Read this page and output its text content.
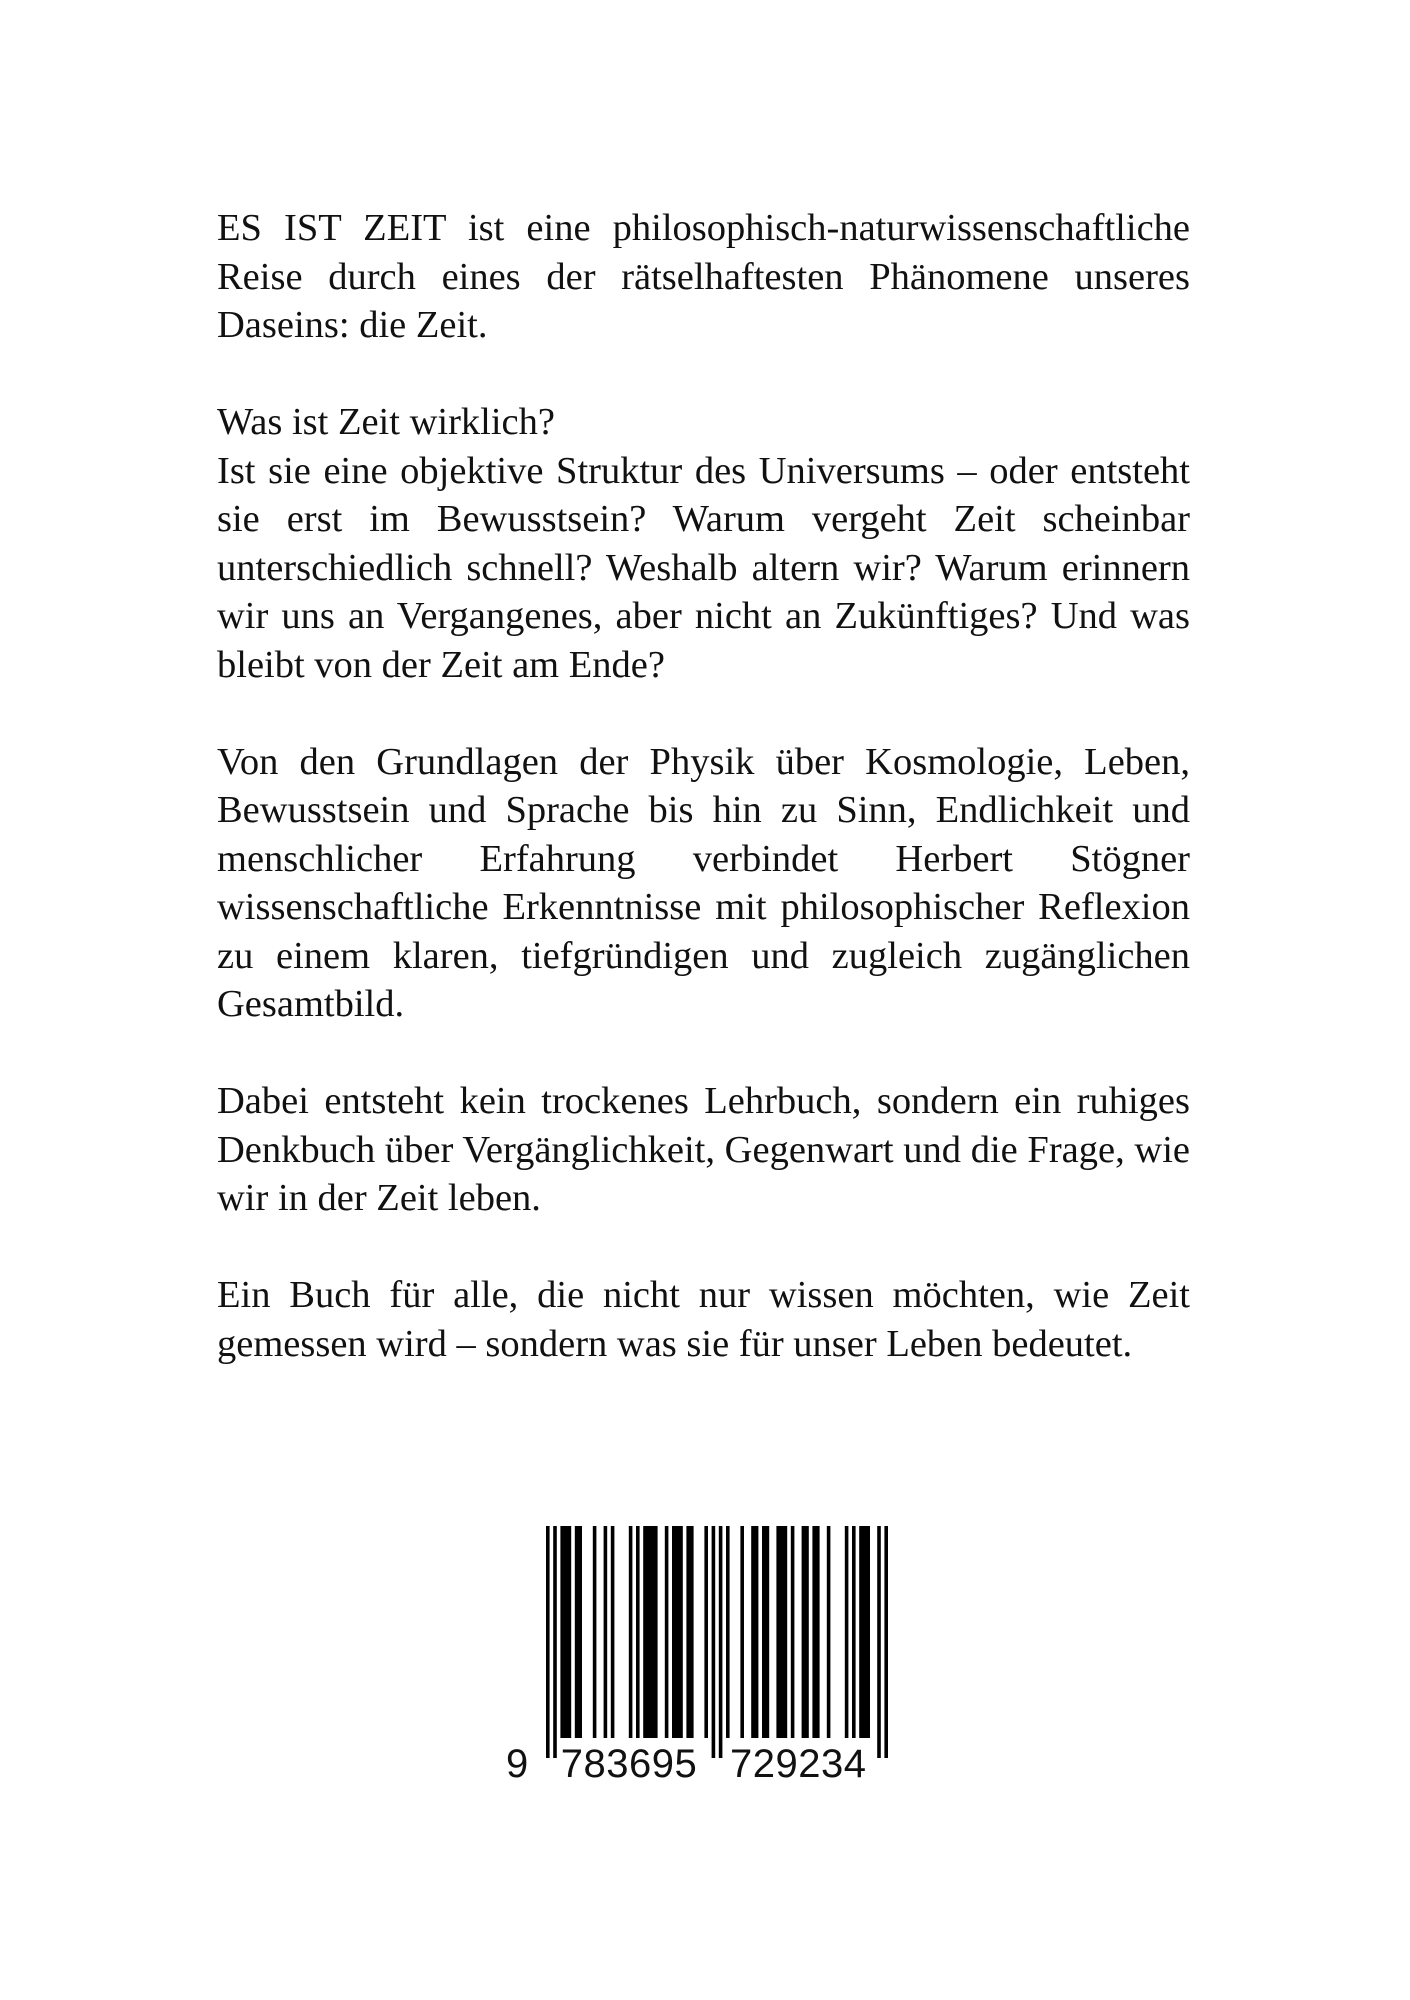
ES IST ZEIT ist eine philosophisch-naturwissenschaftliche Reise durch eines der rätselhaftesten Phänomene unseres Daseins: die Zeit.

Was ist Zeit wirklich?

Ist sie eine objektive Struktur des Universums – oder entsteht sie erst im Bewusstsein? Warum vergeht Zeit scheinbar unterschiedlich schnell? Weshalb altern wir? Warum erinnern wir uns an Vergangenes, aber nicht an Zukünftiges? Und was bleibt von der Zeit am Ende?

Von den Grundlagen der Physik über Kosmologie, Leben, Bewusstsein und Sprache bis hin zu Sinn, Endlichkeit und menschlicher Erfahrung verbindet Herbert Stögner wissenschaftliche Erkenntnisse mit philosophischer Reflexion zu einem klaren, tiefgründigen und zugleich zugänglichen Gesamtbild.

Dabei entsteht kein trockenes Lehrbuch, sondern ein ruhiges Denkbuch über Vergänglichkeit, Gegenwart und die Frage, wie wir in der Zeit leben.

Ein Buch für alle, die nicht nur wissen möchten, wie Zeit gemessen wird – sondern was sie für unser Leben bedeutet.

9 783695 729234
